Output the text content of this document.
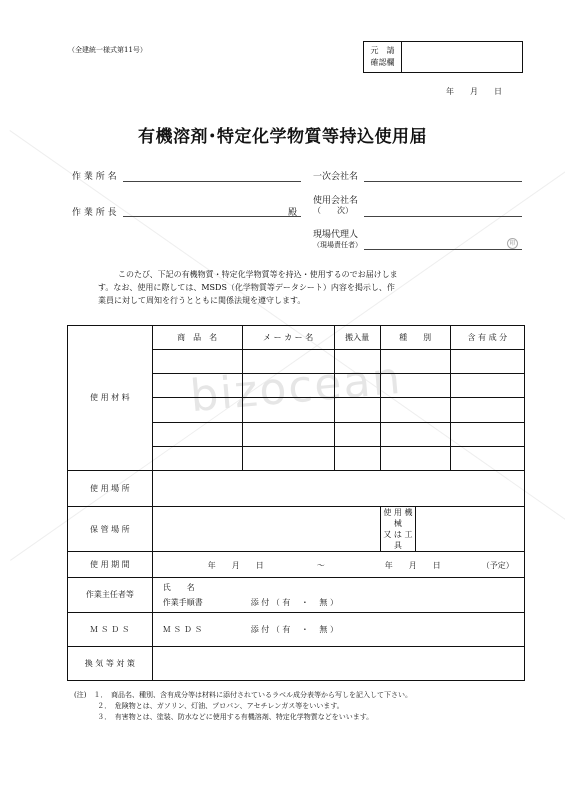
bizocean
（全建統一様式第11号）	元　請
確認欄
年　　月　　日
有機溶剤･特定化学物質等持込使用届
作 業 所 名
作 業 所 長	殿
一次会社名
使用会社名
（　　次）
現場代理人
（現場責任者）	印
このたび、下記の有機物質・特定化学物質等を持込・使用するのでお届けしま
す。なお、使用に際しては、MSDS（化学物質等データシート）内容を掲示し、作
業員に対して周知を行うとともに関係法規を遵守します。
使 用 材 料	商　品　名	メ ー カ ー 名	搬入量	種　　別		含 有 成 分

使 用 場 所						
保 管 場 所				使 用 機 械
又 は 工 具		

使 用 期 間	年　　月　　日 ～ 年　　月　　日 （予定）					

作業主任者等	氏　　名
作業手順書 添 付 （ 有 　・　 無 ）					

Ｍ Ｓ Ｄ Ｓ	Ｍ Ｓ Ｄ Ｓ 添 付 （ 有 　・　 無 ）					

換 気 等 対 策						
(注)　１．　商品名、種別、含有成分等は材料に添付されているラベル成分表等から写しを記入して下さい。
　　　 ２．　危険物とは、ガソリン、灯油、プロパン、アセチレンガス等をいいます。
　　　 ３．　有害物とは、塗装、防水などに使用する有機溶剤、特定化学物質などをいいます。
